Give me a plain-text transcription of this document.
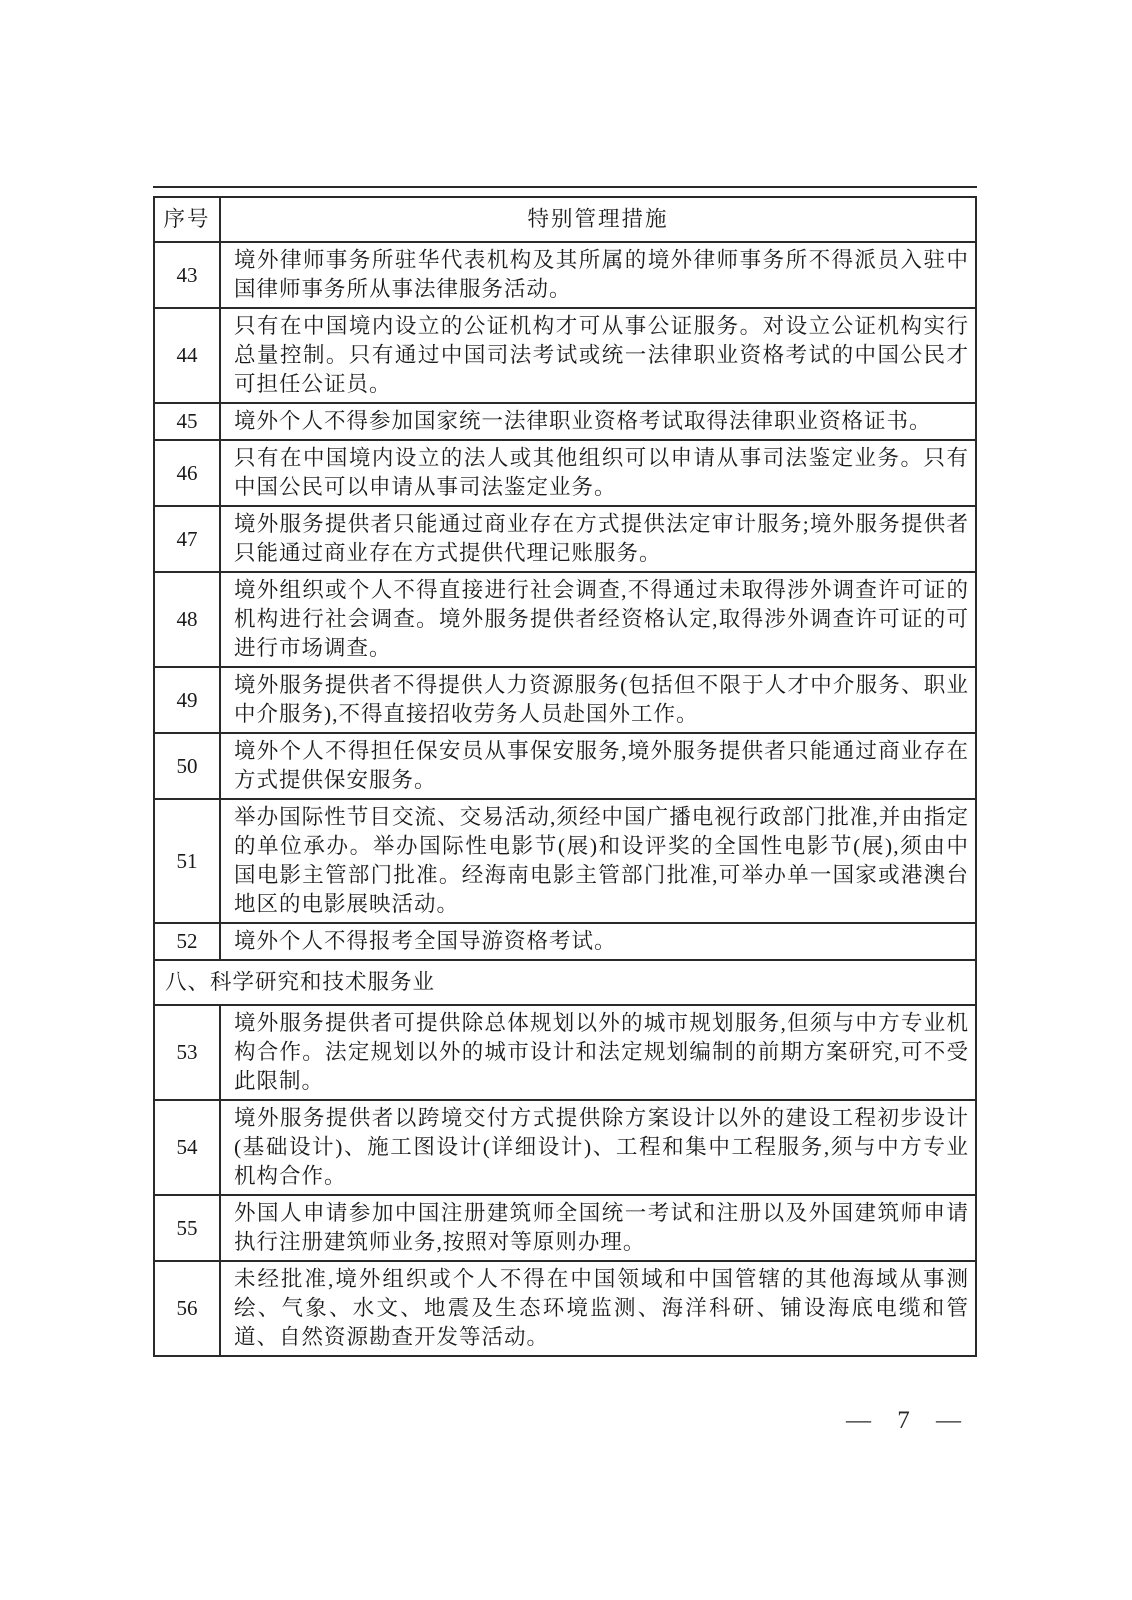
序号	特别管理措施
43	境外律师事务所驻华代表机构及其所属的境外律师事务所不得派员入驻中国律师事务所从事法律服务活动。
44	只有在中国境内设立的公证机构才可从事公证服务。对设立公证机构实行总量控制。只有通过中国司法考试或统一法律职业资格考试的中国公民才可担任公证员。
45	境外个人不得参加国家统一法律职业资格考试取得法律职业资格证书。
46	只有在中国境内设立的法人或其他组织可以申请从事司法鉴定业务。只有中国公民可以申请从事司法鉴定业务。
47	境外服务提供者只能通过商业存在方式提供法定审计服务;境外服务提供者只能通过商业存在方式提供代理记账服务。
48	境外组织或个人不得直接进行社会调查,不得通过未取得涉外调查许可证的机构进行社会调查。境外服务提供者经资格认定,取得涉外调查许可证的可进行市场调查。
49	境外服务提供者不得提供人力资源服务(包括但不限于人才中介服务、职业中介服务),不得直接招收劳务人员赴国外工作。
50	境外个人不得担任保安员从事保安服务,境外服务提供者只能通过商业存在方式提供保安服务。
51	举办国际性节目交流、交易活动,须经中国广播电视行政部门批准,并由指定的单位承办。举办国际性电影节(展)和设评奖的全国性电影节(展),须由中国电影主管部门批准。经海南电影主管部门批准,可举办单一国家或港澳台地区的电影展映活动。
52	境外个人不得报考全国导游资格考试。
八、科学研究和技术服务业	
53	境外服务提供者可提供除总体规划以外的城市规划服务,但须与中方专业机构合作。法定规划以外的城市设计和法定规划编制的前期方案研究,可不受此限制。
54	境外服务提供者以跨境交付方式提供除方案设计以外的建设工程初步设计(基础设计)、施工图设计(详细设计)、工程和集中工程服务,须与中方专业机构合作。
55	外国人申请参加中国注册建筑师全国统一考试和注册以及外国建筑师申请执行注册建筑师业务,按照对等原则办理。
56	未经批准,境外组织或个人不得在中国领域和中国管辖的其他海域从事测绘、气象、水文、地震及生态环境监测、海洋科研、铺设海底电缆和管道、自然资源勘查开发等活动。
— 7 —
